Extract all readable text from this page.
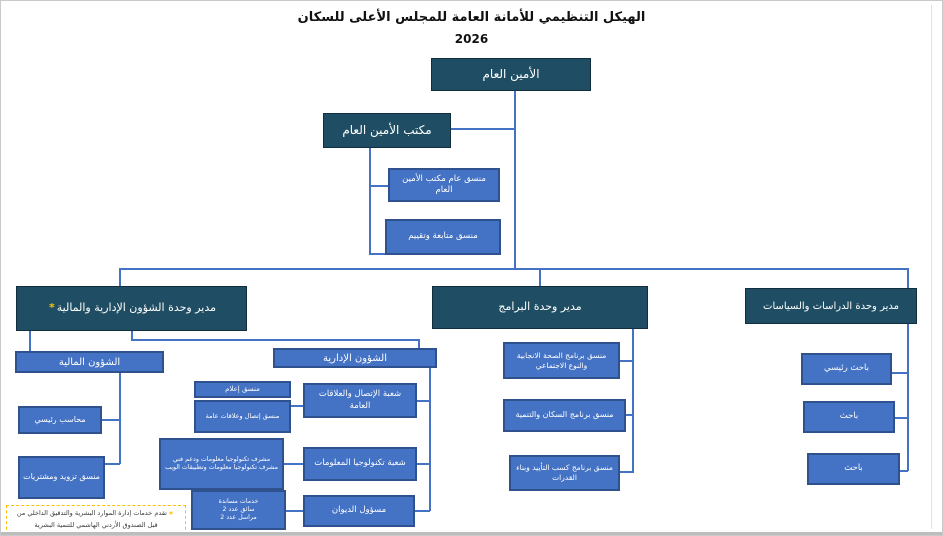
الهيكل التنظيمي للأمانة العامة للمجلس الأعلى للسكان
2026
الأمين العام
مكتب الأمين العام
منسق عام مكتب الأمين العام
منسق متابعة وتقييم
مدير وحدة الشؤون الإدارية والمالية
*	مدير وحدة البرامج	مدير وحدة الدراسات والسياسات
الشؤون المالية
محاسب رئيسي
منسق تزويد ومشتريات
الشؤون الإدارية
منسق إعلام
منسق إتصال وعلاقات عامة
شعبة الإتصال والعلاقات العامة
مشرف تكنولوجيا معلومات ودعم فني
مشرف تكنولوجيا معلومات وتطبيقات الويب	شعبة تكنولوجيا المعلومات
خدمات مساندة
سائق عدد 2
مراسل عدد 2
مسؤول الديوان
منسق برنامج الصحة الانجابية والنوع الاجتماعي
منسق برنامج السكان والتنمية
منسق برنامج كسب التأييد وبناء القدرات
باحث رئيسي
باحث
باحث
*تقدم خدمات إدارة الموارد البشرية والتدقيق الداخلي من قبل الصندوق الأردني الهاشمي للتنمية البشرية
